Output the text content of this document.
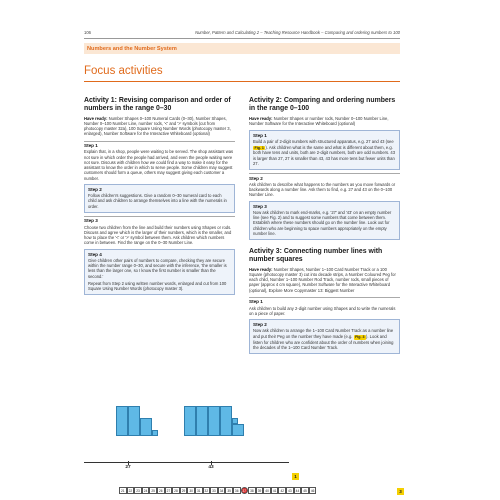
106	Number, Pattern and Calculating 2 – Teaching Resource Handbook – Comparing and ordering numbers to 100
Numbers and the Number System
Focus activities
Activity 1: Revising comparison and order of numbers in the range 0–30
Have ready: Number Shapes 0–100 Numeral Cards (0–30), Number Shapes, Number 0–100 Number Line, number rods, '<' and '>' symbols (cut from photocopy master 32a), 100 Square Using Number Words (photocopy master 3, enlarged), Number Software for the Interactive Whiteboard (optional)
Step 1
Explain that, in a shop, people were waiting to be served. The shop assistant was not sure in which order the people had arrived, and even the people waiting were not sure. Discuss with children how we could find a way to make it easy for the assistant to know the order in which to serve people. Some children may suggest customers should form a queue, others may suggest giving each customer a number.
Step 2
Follow children's suggestions. Give a random 0–30 numeral card to each child and ask children to arrange themselves into a line with the numerals in order.
Step 3
Choose two children from the line and build their numbers using Shapes or rods. Discuss and agree which is the larger of their numbers, which is the smaller, and how to place the '<' or '>' symbol between them. Ask children which numbers come in between. Find the range on the 0–30 Number Line.
Step 4
Give children other pairs of numbers to compare, checking they are secure within the number range 0–30, and secure with the inference, 'the smaller is less than the larger one, so I know the first number is smaller than the second.'
Repeat from Step 2 using written number words, enlarged and cut from 100 Square Using Number Words (photocopy master 3).
Activity 2: Comparing and ordering numbers in the range 0–100
Have ready: Number Shapes or number rods, Number 0–100 Number Line, Number Software for the Interactive Whiteboard (optional)
Step 1
Build a pair of 2-digit numbers with structured apparatus, e.g. 27 and 43 (see Fig. 1 ). Ask children what is the same and what is different about them, e.g. both have tens and units, both are 2-digit numbers, both are odd numbers. 43 is larger than 27, 27 is smaller than 43, 43 has more tens but fewer units than 27.
Step 2
Ask children to describe what happens to the numbers as you move forwards or backwards along a number line. Ask them to find, e.g. 27 and 43 on the 0–100 Number Line.
Step 3
Now ask children to mark end-marks, e.g. '27' and '43' on an empty number line (see Fig. 2) and to suggest some numbers that come between them. Establish where these numbers should go on the number line. Look out for children who are beginning to space numbers appropriately on the empty number line.
Activity 3: Connecting number lines with number squares
Have ready: Number Shapes, Number 1–100 Card Number Track or a 100 Square (photocopy master 3) cut into decade strips, a Number Coloured Peg for each child, Number 1–100 Number Rod Track, number rods, small pieces of paper (approx 4 cm square), Number Software for the Interactive Whiteboard (optional), Explore More Copymaster 13: Biggest Number
Step 1
Ask children to build any 2-digit number using Shapes and to write the numerals on a piece of paper.
Step 2
Now ask children to arrange the 1–100 Card Number Track as a number line and put their Peg on the number they have made (e.g. Fig. 3 ). Look and listen for children who are confident about the order of numbers when joining the decades of the 1–100 Card Number Track.
27	43
1
21	22	23	24	25	26	27	28	29	30	31	32	33	34	35	36	37	38	39	40	41	42	43	44	45	46	3
